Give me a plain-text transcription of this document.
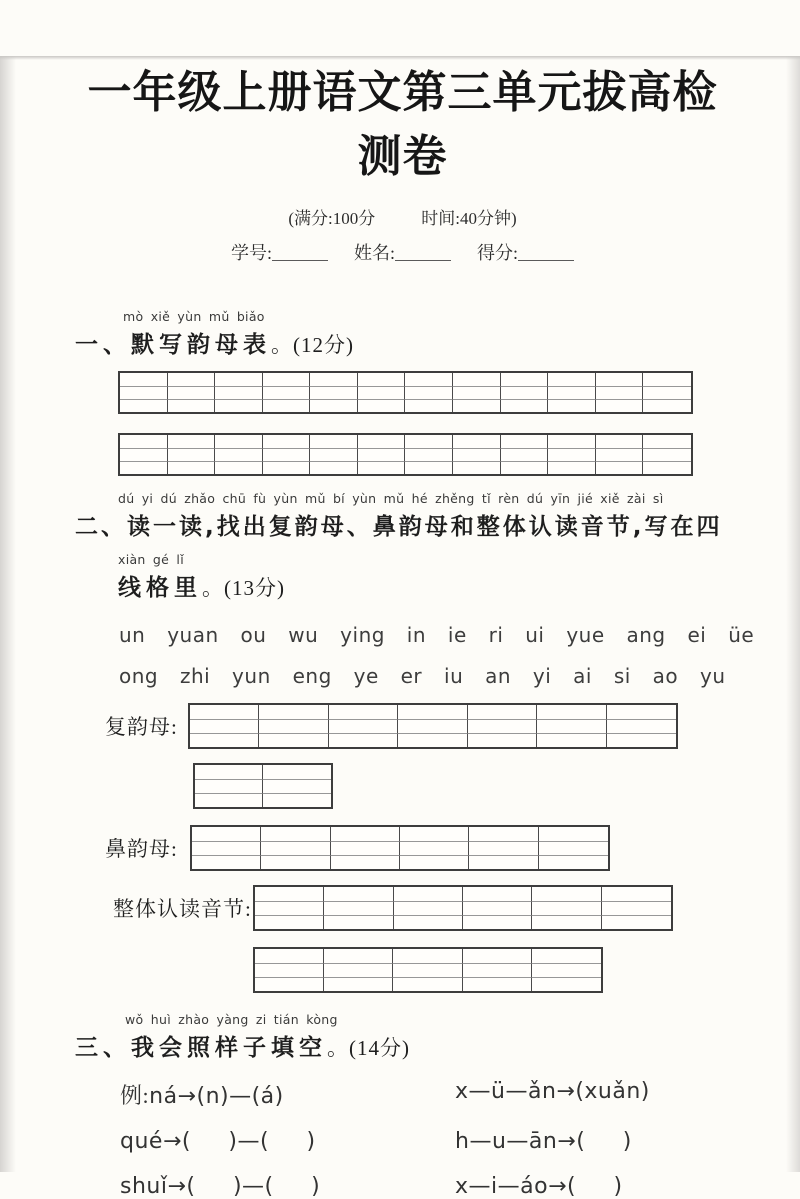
一年级上册语文第三单元拔高检测卷
(满分:100分	时间:40分钟)
学号:	姓名:	得分:
mò xiě yùn mǔ biǎo
一、默写韵母表。(12分)
dú yi dú zhǎo chū fù yùn mǔ bí yùn mǔ hé zhěng tǐ rèn dú yīn jié xiě zài sì
二、读一读,找出复韵母、鼻韵母和整体认读音节,写在四
xiàn gé lǐ
线格里。(13分)
un yuan ou wu ying in ie ri ui yue ang ei üe
ong zhi yun eng ye er iu an yi ai si ao yu
复韵母:
鼻韵母:
整体认读音节:
wǒ huì zhào yàng zi tián kòng
三、我会照样子填空。(14分)
例:ná→(n)—(á)	x—ü—ǎn→(xuǎn)
qué→(     )—(     )	h—u—ān→(     )
shuǐ→(     )—(     )	x—i—áo→(     )
